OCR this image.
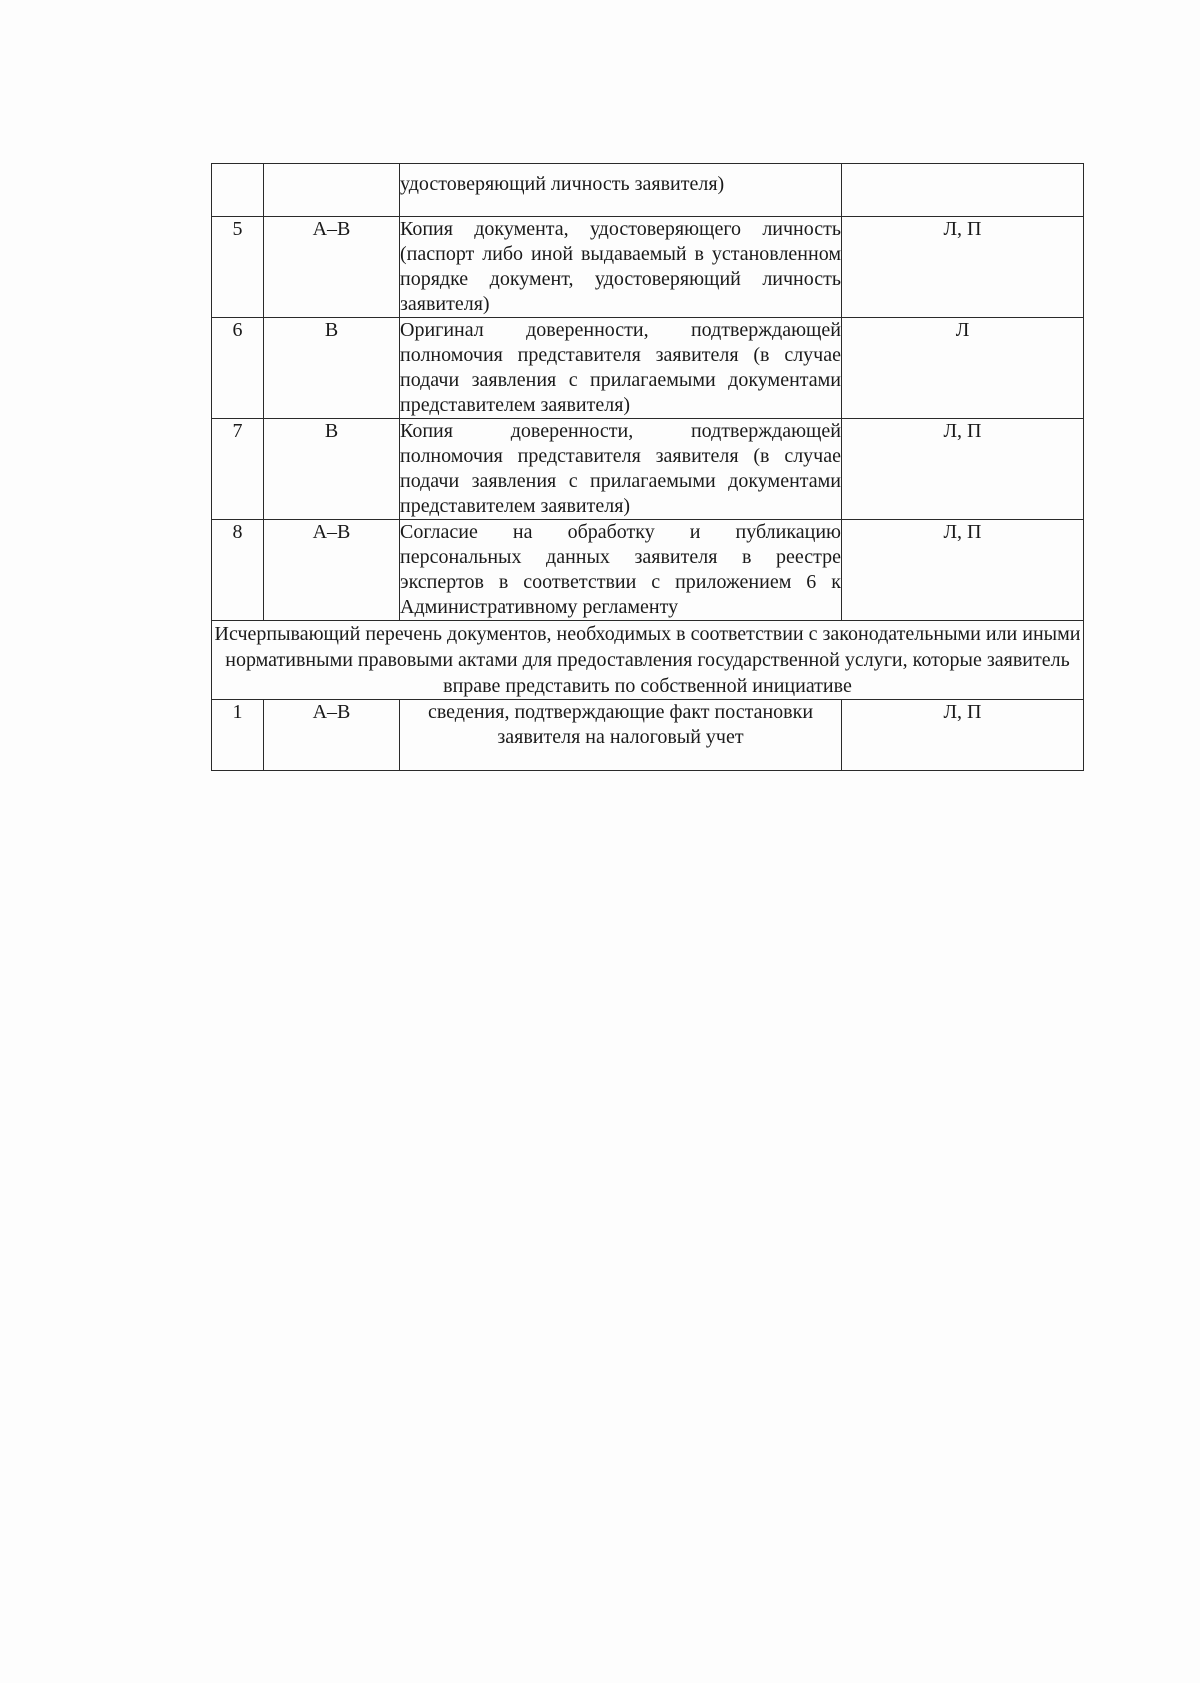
		удостоверяющий личность заявителя)	
5	А–В	Копия документа, удостоверяющего личность (паспорт либо иной выдаваемый в установленном порядке документ, удостоверяющий личность заявителя)	Л, П
6	В	Оригинал доверенности, подтверждающей полномочия представителя заявителя (в случае подачи заявления с прилагаемыми документами представителем заявителя)	Л
7	В	Копия доверенности, подтверждающей полномочия представителя заявителя (в случае подачи заявления с прилагаемыми документами представителем заявителя)	Л, П
8	А–В	Согласие на обработку и публикацию персональных данных заявителя в реестре экспертов в соответствии с приложением 6 к Административному регламенту	Л, П
Исчерпывающий перечень документов, необходимых в соответствии с законодательными или иными нормативными правовыми актами для предоставления государственной услуги, которые заявитель вправе представить по собственной инициативе			
1	А–В	сведения, подтверждающие факт постановки заявителя на налоговый учет	Л, П
